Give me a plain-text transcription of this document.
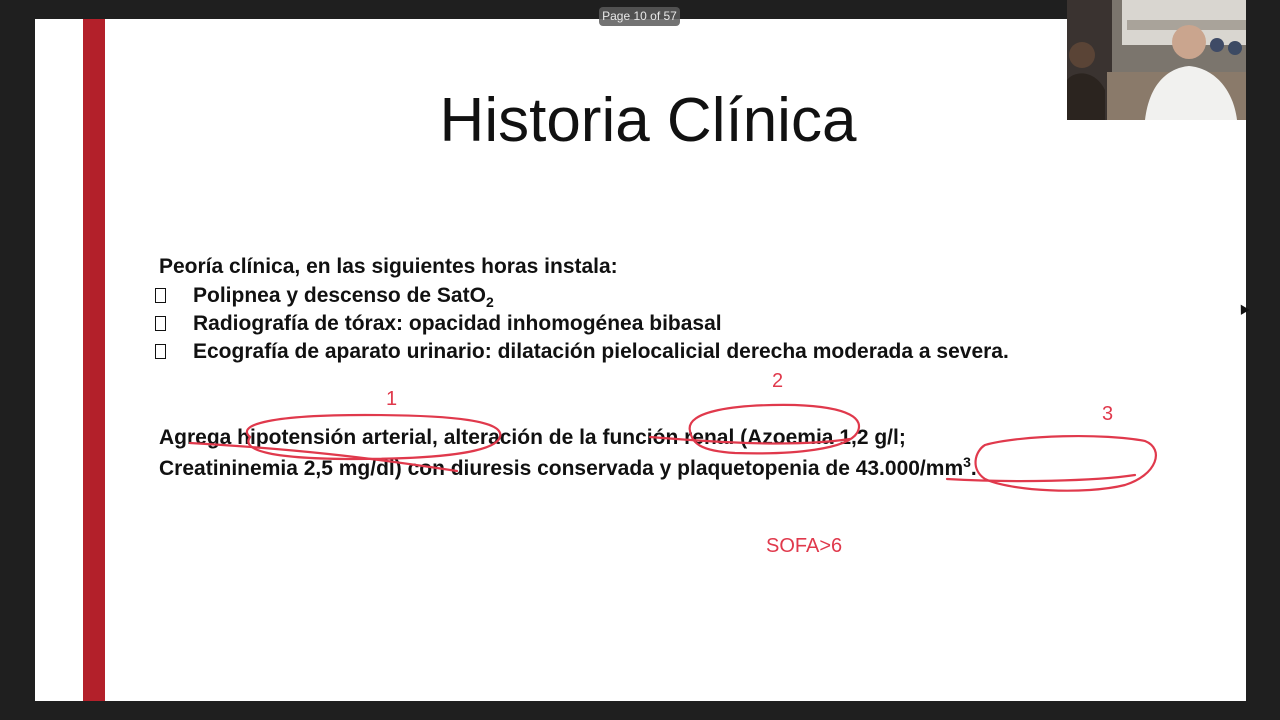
Page 10 of 57
Historia Clínica
Peoría clínica, en las siguientes horas instala:
Polipnea y descenso de SatO$_2$
Radiografía de tórax: opacidad inhomogénea bibasal
Ecografía de aparato urinario: dilatación pielocalicial derecha moderada a severa.
Agrega hipotensión arterial, alteración de la función renal (Azoemia 1,2 g/l;
Creatininemia 2,5 mg/dl) con diuresis conservada y plaquetopenia de $43.000/mm^3$.
1
2
3
SOFA>6
